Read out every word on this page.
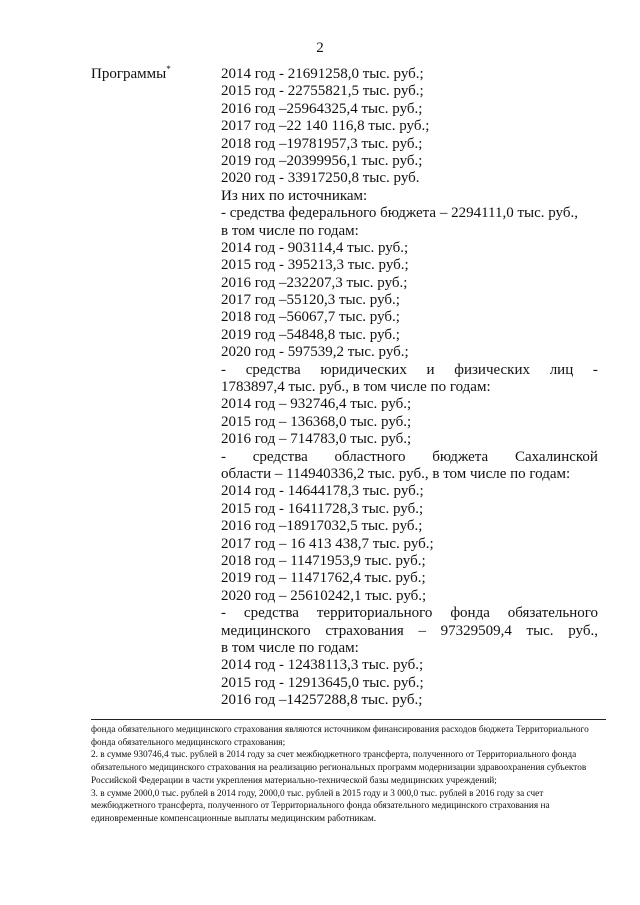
2
Программы*	2014 год - 21691258,0 тыс. руб.;
2015 год - 22755821,5 тыс. руб.;
2016 год –25964325,4 тыс. руб.;
2017 год –22 140 116,8 тыс. руб.;
2018 год –19781957,3 тыс. руб.;
2019 год –20399956,1 тыс. руб.;
2020 год - 33917250,8 тыс. руб.
Из них по источникам:
- средства федерального бюджета – 2294111,0 тыс. руб.,
в том числе по годам:
2014 год - 903114,4 тыс. руб.;
2015 год - 395213,3 тыс. руб.;
2016 год –232207,3 тыс. руб.;
2017 год –55120,3 тыс. руб.;
2018 год –56067,7 тыс. руб.;
2019 год –54848,8 тыс. руб.;
2020 год - 597539,2 тыс. руб.;
- средства юридических и физических лиц -
1783897,4 тыс. руб., в том числе по годам:
2014 год – 932746,4 тыс. руб.;
2015 год – 136368,0 тыс. руб.;
2016 год – 714783,0 тыс. руб.;
- средства областного бюджета Сахалинской
области – 114940336,2 тыс. руб., в том числе по годам:
2014 год - 14644178,3 тыс. руб.;
2015 год - 16411728,3 тыс. руб.;
2016 год –18917032,5 тыс. руб.;
2017 год – 16 413 438,7 тыс. руб.;
2018 год – 11471953,9 тыс. руб.;
2019 год – 11471762,4 тыс. руб.;
2020 год – 25610242,1 тыс. руб.;
- средства территориального фонда обязательного
медицинского страхования – 97329509,4 тыс. руб.,
в том числе по годам:
2014 год - 12438113,3 тыс. руб.;
2015 год - 12913645,0 тыс. руб.;
2016 год –14257288,8 тыс. руб.;

фонда обязательного медицинского страхования являются источником финансирования расходов бюджета Территориального фонда обязательного медицинского страхования;

2. в сумме 930746,4 тыс. рублей в 2014 году за счет межбюджетного трансферта, полученного от Территориального фонда обязательного медицинского страхования на реализацию региональных программ модернизации здравоохранения субъектов Российской Федерации в части укрепления материально-технической базы медицинских учреждений;

3. в сумме 2000,0 тыс. рублей в 2014 году, 2000,0 тыс. рублей в 2015 году и 3 000,0 тыс. рублей в 2016 году за счет межбюджетного трансферта, полученного от Территориального фонда обязательного медицинского страхования на единовременные компенсационные выплаты медицинским работникам.
